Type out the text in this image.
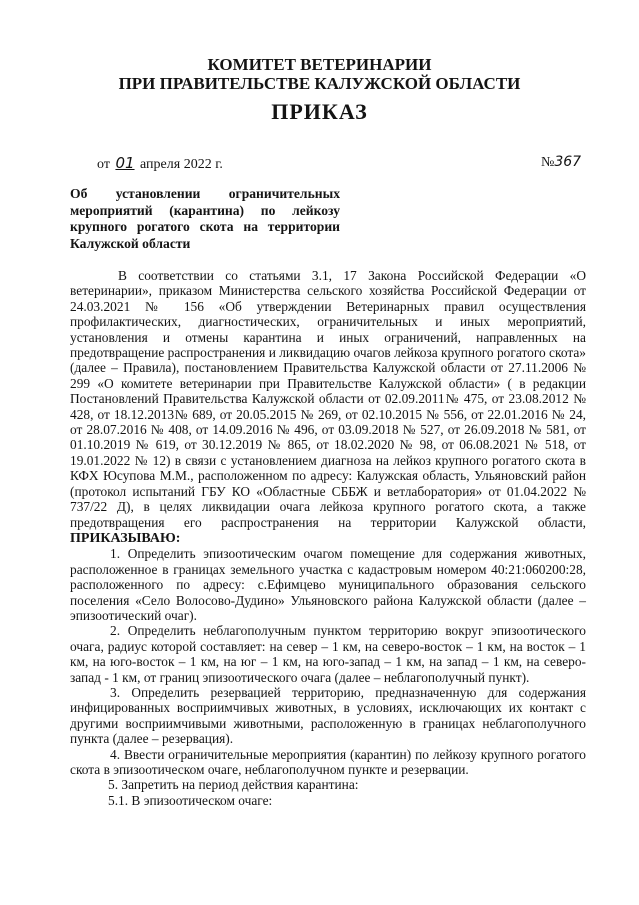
КОМИТЕТ ВЕТЕРИНАРИИ
ПРИ ПРАВИТЕЛЬСТВЕ КАЛУЖСКОЙ ОБЛАСТИ
ПРИКАЗ
от 01 апреля 2022 г.	№367
Об установлении ограничительных мероприятий (карантина) по лейкозу крупного рогатого скота на территории Калужской области

В соответствии со статьями 3.1, 17 Закона Российской Федерации «О ветеринарии», приказом Министерства сельского хозяйства Российской Федерации от 24.03.2021 № 156 «Об утверждении Ветеринарных правил осуществления профилактических, диагностических, ограничительных и иных мероприятий, установления и отмены карантина и иных ограничений, направленных на предотвращение распространения и ликвидацию очагов лейкоза крупного рогатого скота» (далее – Правила), постановлением Правительства Калужской области от 27.11.2006 № 299 «О комитете ветеринарии при Правительстве Калужской области» ( в редакции Постановлений Правительства Калужской области от 02.09.2011№ 475, от 23.08.2012 № 428, от 18.12.2013№ 689, от 20.05.2015 № 269, от 02.10.2015 № 556, от 22.01.2016 № 24, от 28.07.2016 № 408, от 14.09.2016 № 496, от 03.09.2018 № 527, от 26.09.2018 № 581, от 01.10.2019 № 619, от 30.12.2019 № 865, от 18.02.2020 № 98, от 06.08.2021 № 518, от 19.01.2022 № 12) в связи с установлением диагноза на лейкоз крупного рогатого скота в КФХ Юсупова М.М., расположенном по адресу: Калужская область, Ульяновский район (протокол испытаний ГБУ КО «Областные СББЖ и ветлаборатория» от 01.04.2022 № 737/22 Д), в целях ликвидации очага лейкоза крупного рогатого скота, а также предотвращения его распространения на территории Калужской области, ПРИКАЗЫВАЮ:

1. Определить эпизоотическим очагом помещение для содержания животных, расположенное в границах земельного участка с кадастровым номером 40:21:060200:28, расположенного по адресу: с.Ефимцево муниципального образования сельского поселения «Село Волосово-Дудино» Ульяновского района Калужской области (далее – эпизоотический очаг).

2. Определить неблагополучным пунктом территорию вокруг эпизоотического очага, радиус которой составляет: на север – 1 км, на северо-восток – 1 км, на восток – 1 км, на юго-восток – 1 км, на юг – 1 км, на юго-запад – 1 км, на запад – 1 км, на северо-запад - 1 км, от границ эпизоотического очага (далее – неблагополучный пункт).

3. Определить резервацией территорию, предназначенную для содержания инфицированных восприимчивых животных, в условиях, исключающих их контакт с другими восприимчивыми животными, расположенную в границах неблагополучного пункта (далее – резервация).

4. Ввести ограничительные мероприятия (карантин) по лейкозу крупного рогатого скота в эпизоотическом очаге, неблагополучном пункте и резервации.

5. Запретить на период действия карантина:

5.1. В эпизоотическом очаге:
